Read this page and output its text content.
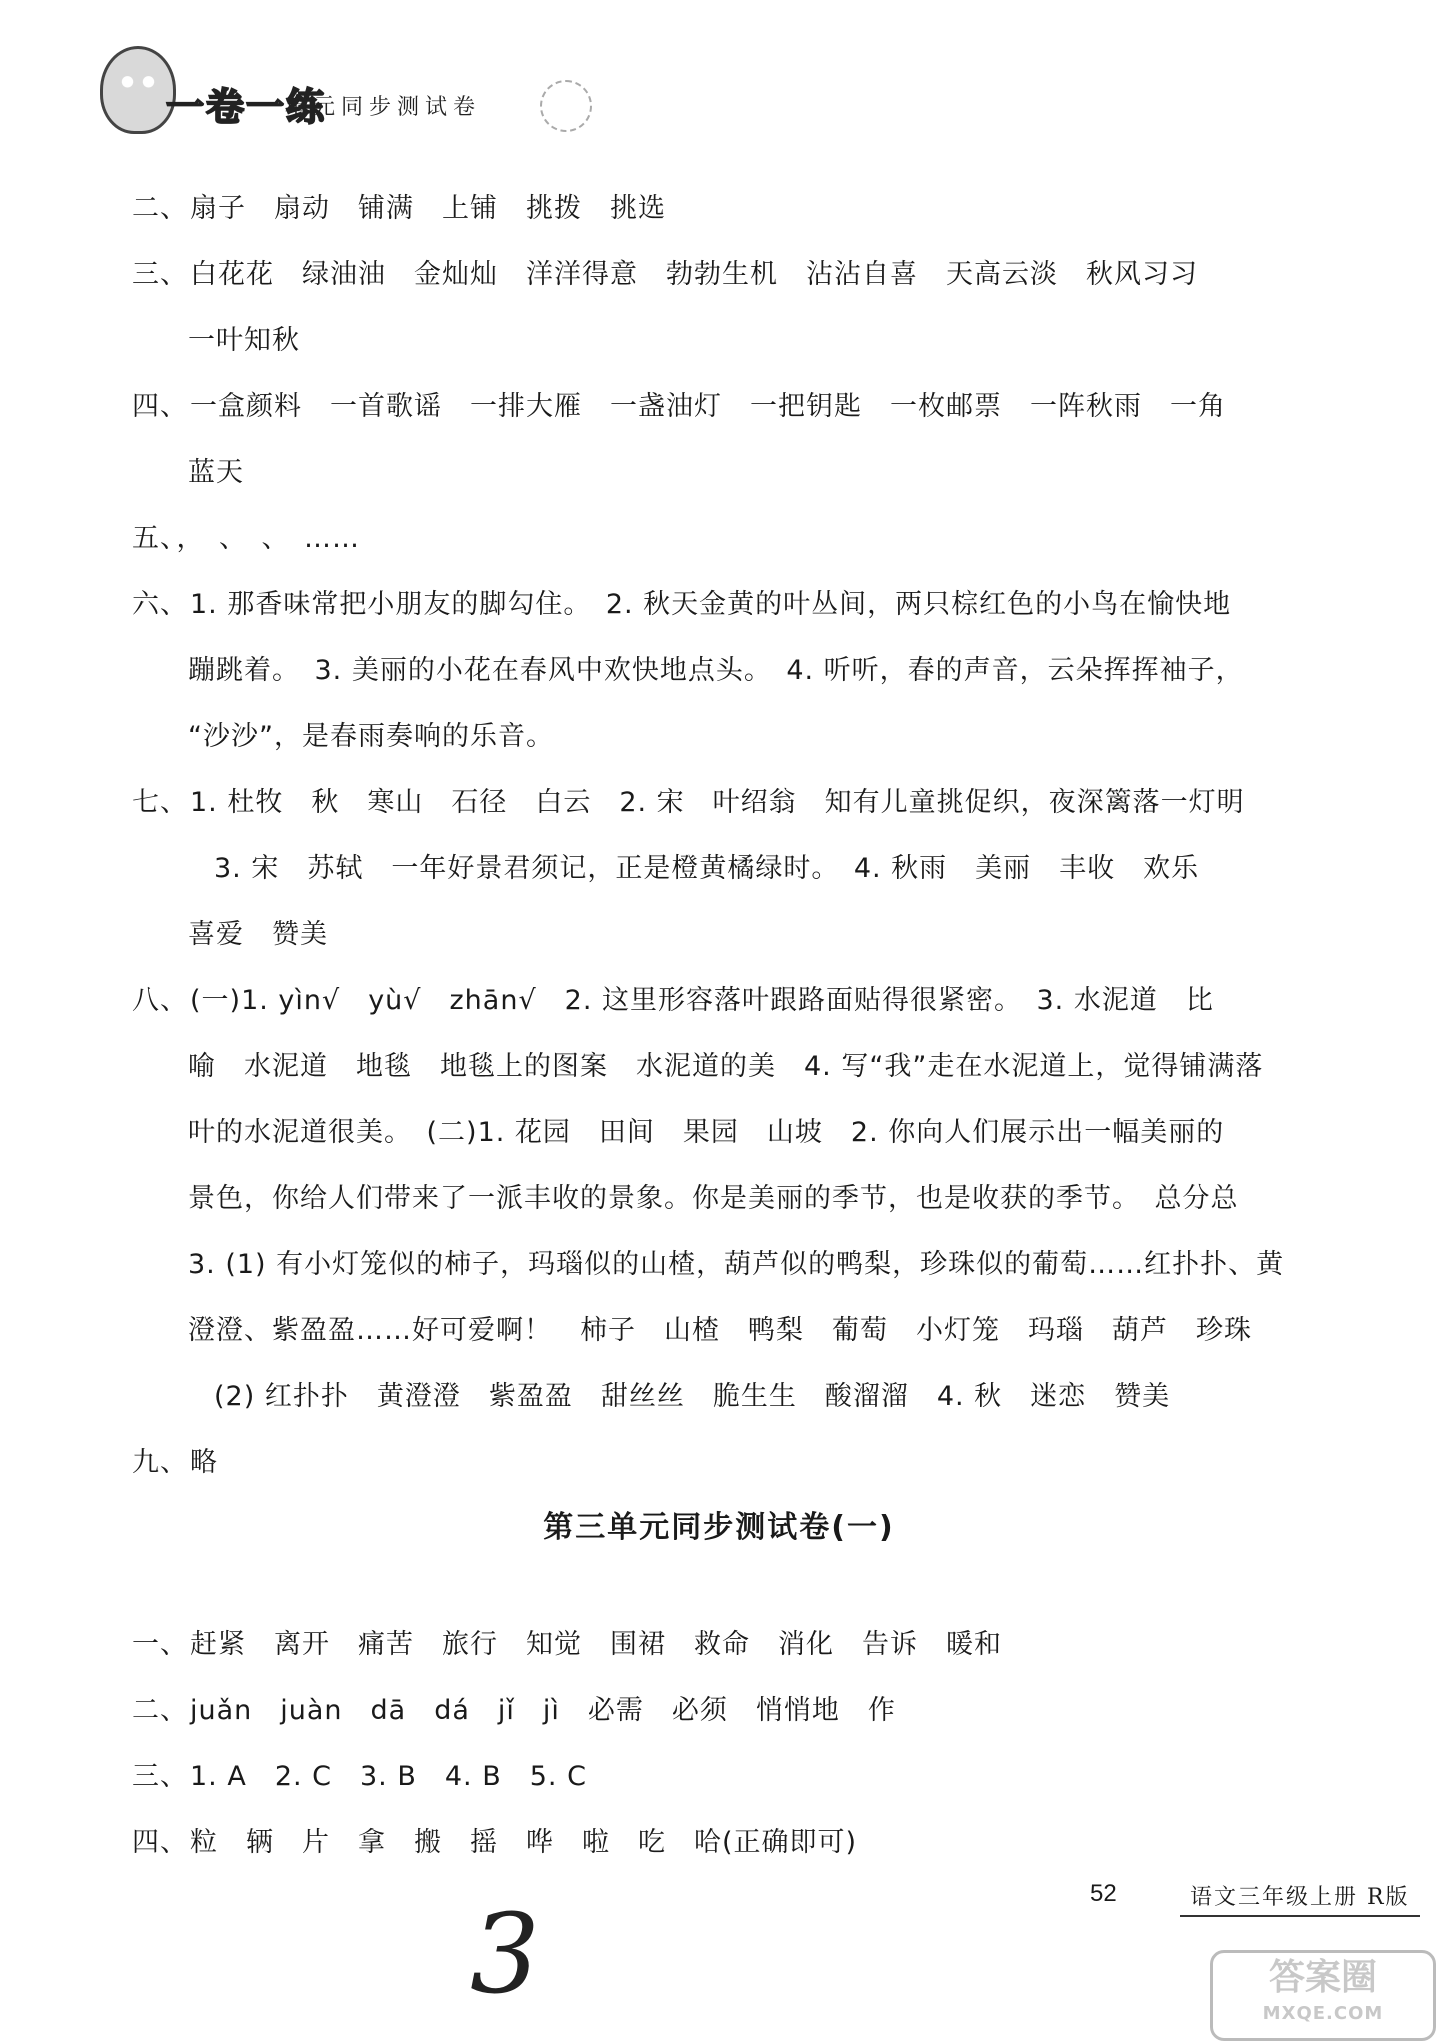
一卷一练
单元同步测试卷
二、扇子　扇动　铺满　上铺　挑拨　挑选
三、白花花　绿油油　金灿灿　洋洋得意　勃勃生机　沾沾自喜　天高云淡　秋风习习
一叶知秋
四、一盒颜料　一首歌谣　一排大雁　一盏油灯　一把钥匙　一枚邮票　一阵秋雨　一角
蓝天
五、，　、　、　……
六、1. 那香味常把小朋友的脚勾住。　2. 秋天金黄的叶丛间，两只棕红色的小鸟在愉快地
蹦跳着。　3. 美丽的小花在春风中欢快地点头。　4. 听听，春的声音，云朵挥挥袖子，
“沙沙”，是春雨奏响的乐音。
七、1. 杜牧　秋　寒山　石径　白云　2. 宋　叶绍翁　知有儿童挑促织，夜深篱落一灯明
3. 宋　苏轼　一年好景君须记，正是橙黄橘绿时。　4. 秋雨　美丽　丰收　欢乐
喜爱　赞美
八、(一)1. yìn√　yù√　zhān√　2. 这里形容落叶跟路面贴得很紧密。　3. 水泥道　比
喻　水泥道　地毯　地毯上的图案　水泥道的美　4. 写“我”走在水泥道上，觉得铺满落
叶的水泥道很美。　(二)1. 花园　田间　果园　山坡　2. 你向人们展示出一幅美丽的
景色，你给人们带来了一派丰收的景象。你是美丽的季节，也是收获的季节。　总分总
3. (1) 有小灯笼似的柿子，玛瑙似的山楂，葫芦似的鸭梨，珍珠似的葡萄……红扑扑、黄
澄澄、紫盈盈……好可爱啊！　柿子　山楂　鸭梨　葡萄　小灯笼　玛瑙　葫芦　珍珠
(2) 红扑扑　黄澄澄　紫盈盈　甜丝丝　脆生生　酸溜溜　4. 秋　迷恋　赞美
九、略
第三单元同步测试卷(一)
一、赶紧　离开　痛苦　旅行　知觉　围裙　救命　消化　告诉　暖和
二、juǎn　juàn　dā　dá　jǐ　jì　必需　必须　悄悄地　作
三、1. A　2. C　3. B　4. B　5. C
四、粒　辆　片　拿　搬　摇　哗　啦　吃　哈(正确即可)
3	52	语文三年级上册 R版
答案圈
MXQE.COM
